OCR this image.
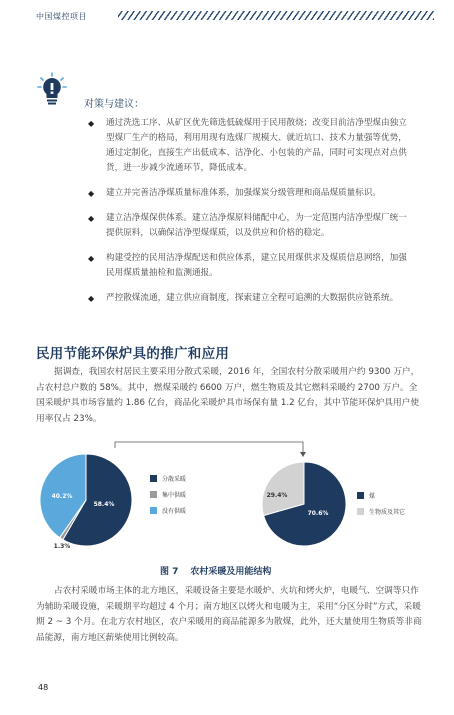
中国煤控项目
对策与建议：
◆ 通过洗选工序、从矿区优先筛选低硫煤用于民用散烧；改变目前洁净型煤由独立型煤厂生产的格局，利用用现有选煤厂规模大、就近坑口、技术力量强等优势，通过定制化，直接生产出低成本、洁净化、小包装的产品，同时可实现点对点供货，进一步减少流通环节，降低成本。
◆ 建立并完善洁净煤质量标准体系，加强煤炭分级管理和商品煤质量标识。
◆ 建立洁净煤保供体系。建立洁净煤原料储配中心，为一定范围内洁净型煤厂统一提供原料，以确保洁净型煤煤质，以及供应和价格的稳定。
◆ 构建受控的民用洁净煤配送和供应体系，建立民用煤供求及煤质信息网络，加强民用煤质量抽检和监测通报。
◆ 严控散煤流通，建立供应商制度，探索建立全程可追溯的大数据供应链系统。
民用节能环保炉具的推广和应用
据调查，我国农村居民主要采用分散式采暖，2016 年，全国农村分散采暖用户约 9300 万户，占农村总户数的 58%。其中，燃煤采暖约 6600 万户，燃生物质及其它燃料采暖约 2700 万户。全国采暖炉具市场容量约 1.86 亿台，商品化采暖炉具市场保有量 1.2 亿台，其中节能环保炉具用户使用率仅占 23%。
58.4%
1.3%
40.2%
分散采暖
集中供暖
没有供暖	70.6%
29.4%	煤
生物质及其它
图 7 农村采暖及用能结构
占农村采暖市场主体的北方地区，采暖设备主要是水暖炉、火坑和烤火炉，电暖气、空调等只作为辅助采暖设施，采暖期平均超过 4 个月；南方地区以烤火和电暖为主，采用“分区分时”方式，采暖期 2 ~ 3 个月。在北方农村地区，农户采暖用的商品能源多为散煤，此外，还大量使用生物质等非商品能源，南方地区薪柴使用比例较高。
48
